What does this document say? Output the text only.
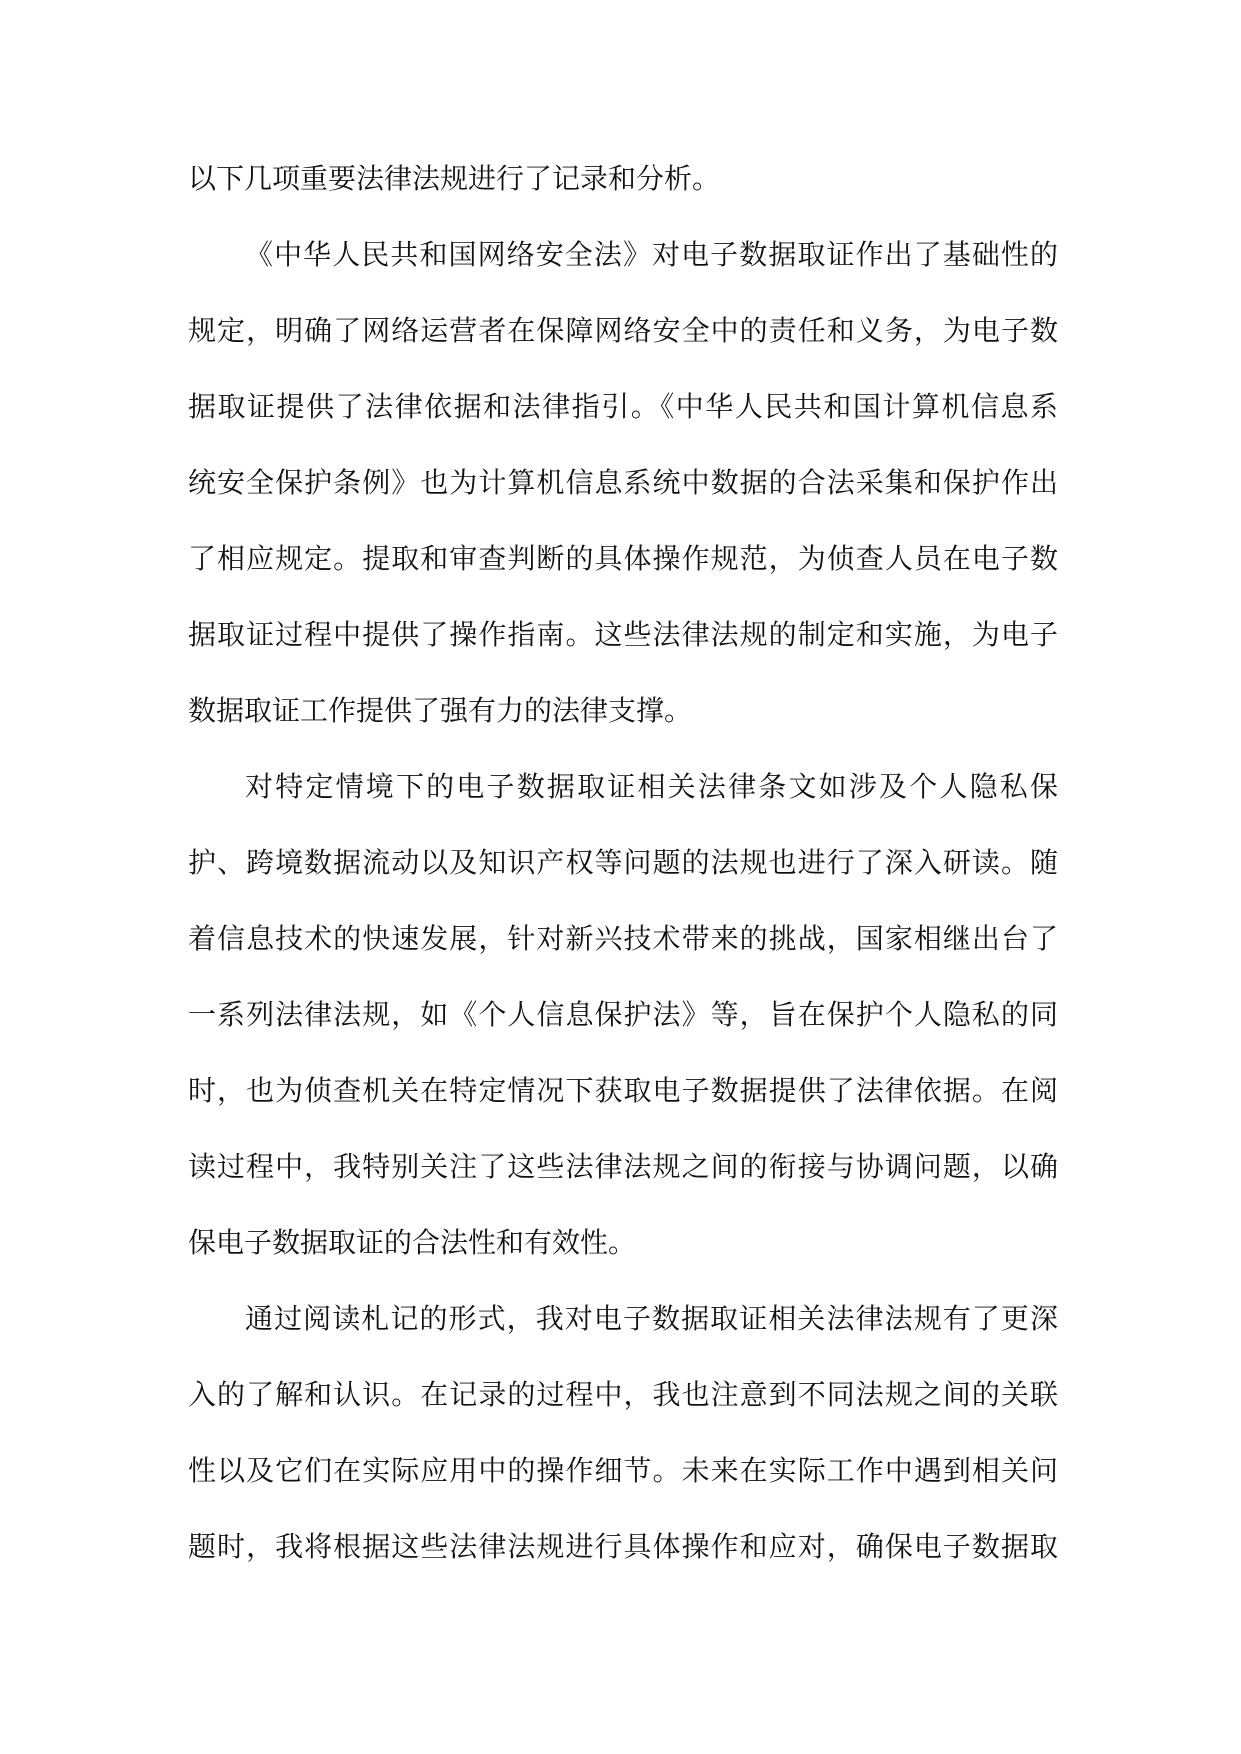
以下几项重要法律法规进行了记录和分析。
《中华人民共和国网络安全法》对电子数据取证作出了基础性的
规定，明确了网络运营者在保障网络安全中的责任和义务，为电子数
据取证提供了法律依据和法律指引。《中华人民共和国计算机信息系
统安全保护条例》也为计算机信息系统中数据的合法采集和保护作出
了相应规定。提取和审查判断的具体操作规范，为侦查人员在电子数
据取证过程中提供了操作指南。这些法律法规的制定和实施，为电子
数据取证工作提供了强有力的法律支撑。
对特定情境下的电子数据取证相关法律条文如涉及个人隐私保
护、跨境数据流动以及知识产权等问题的法规也进行了深入研读。随
着信息技术的快速发展，针对新兴技术带来的挑战，国家相继出台了
一系列法律法规，如《个人信息保护法》等，旨在保护个人隐私的同
时，也为侦查机关在特定情况下获取电子数据提供了法律依据。在阅
读过程中，我特别关注了这些法律法规之间的衔接与协调问题，以确
保电子数据取证的合法性和有效性。
通过阅读札记的形式，我对电子数据取证相关法律法规有了更深
入的了解和认识。在记录的过程中，我也注意到不同法规之间的关联
性以及它们在实际应用中的操作细节。未来在实际工作中遇到相关问
题时，我将根据这些法律法规进行具体操作和应对，确保电子数据取
